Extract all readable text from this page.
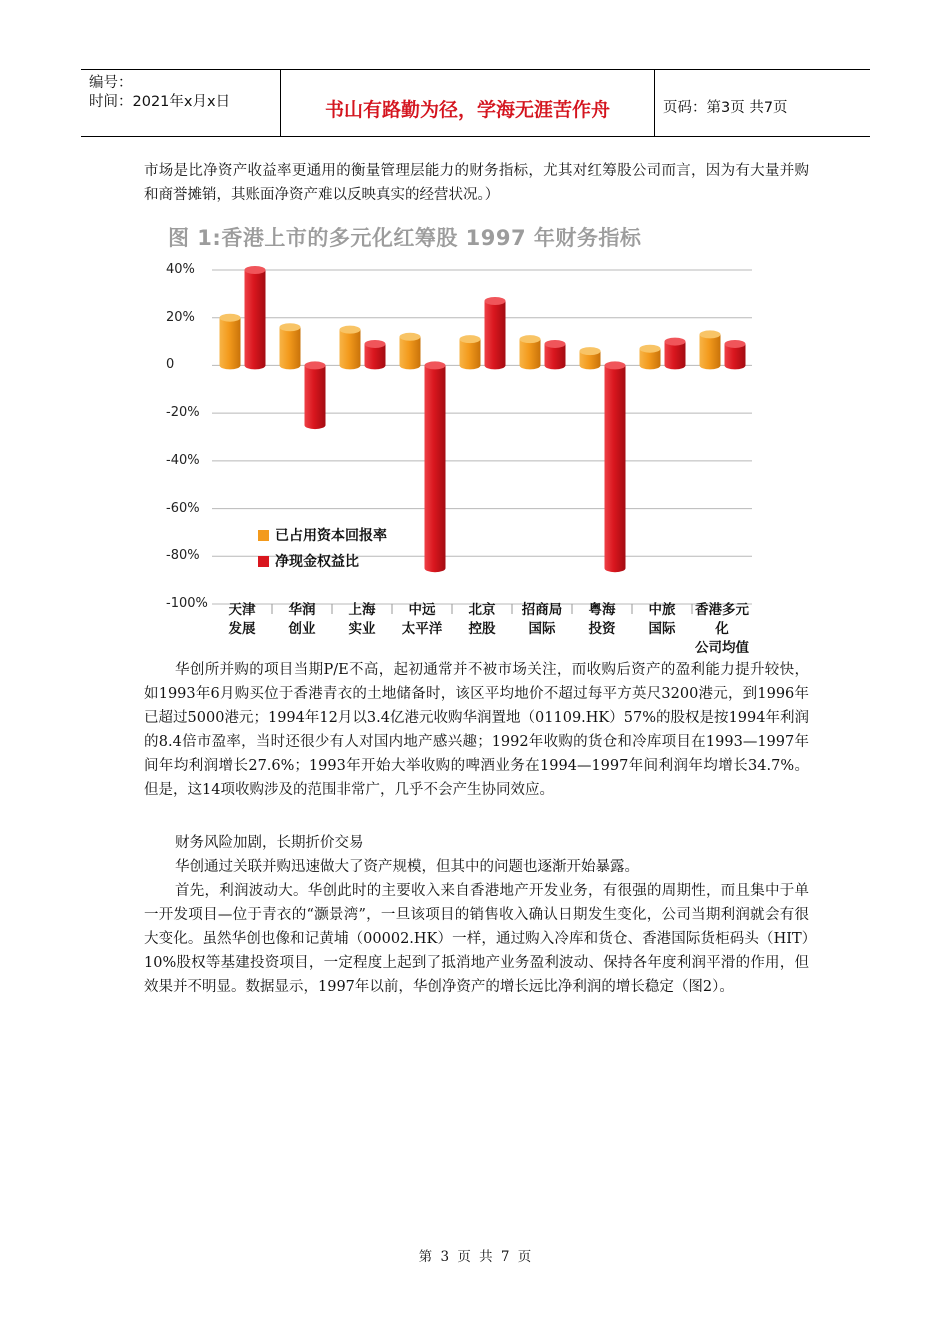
编号：
时间：2021年x月x日	书山有路勤为径，学海无涯苦作舟	页码：第3页 共7页

市场是比净资产收益率更通用的衡量管理层能力的财务指标，尤其对红筹股公司而言，因为有大量并购和商誉摊销，其账面净资产难以反映真实的经营状况。）

图 1:香港上市的多元化红筹股 1997 年财务指标
40%
20%
0
-20%
-40%
-60%
-80%
-100%	天津
发展
华润
创业
上海
实业
中远
太平洋
北京
控股
招商局
国际
粤海
投资
中旅
国际
香港多元化
公司均值
已占用资本回报率
净现金权益比

华创所并购的项目当期P/E不高，起初通常并不被市场关注，而收购后资产的盈利能力提升较快，如1993年6月购买位于香港青衣的土地储备时，该区平均地价不超过每平方英尺3200港元，到1996年已超过5000港元；1994年12月以3.4亿港元收购华润置地（01109.HK）57%的股权是按1994年利润的8.4倍市盈率，当时还很少有人对国内地产感兴趣；1992年收购的货仓和冷库项目在1993—1997年间年均利润增长27.6%；1993年开始大举收购的啤酒业务在1994—1997年间利润年均增长34.7%。但是，这14项收购涉及的范围非常广，几乎不会产生协同效应。

财务风险加剧，长期折价交易

华创通过关联并购迅速做大了资产规模，但其中的问题也逐渐开始暴露。

首先，利润波动大。华创此时的主要收入来自香港地产开发业务，有很强的周期性，而且集中于单一开发项目—位于青衣的“灏景湾”，一旦该项目的销售收入确认日期发生变化，公司当期利润就会有很大变化。虽然华创也像和记黄埔（00002.HK）一样，通过购入冷库和货仓、香港国际货柜码头（HIT）10%股权等基建投资项目，一定程度上起到了抵消地产业务盈利波动、保持各年度利润平滑的作用，但效果并不明显。数据显示，1997年以前，华创净资产的增长远比净利润的增长稳定（图2）。

第 3 页 共 7 页
